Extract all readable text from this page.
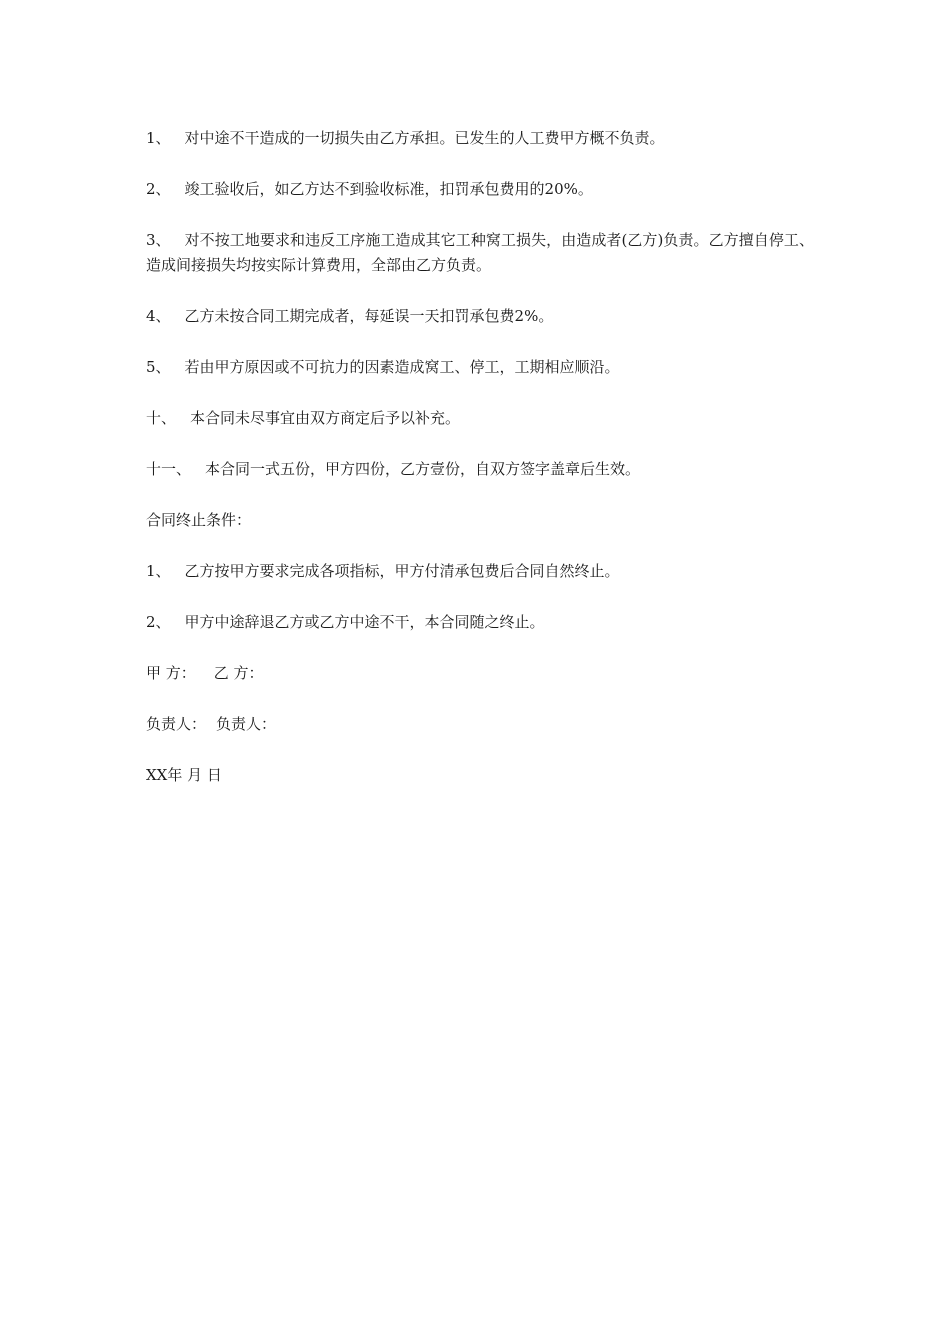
1、 对中途不干造成的一切损失由乙方承担。已发生的人工费甲方概不负责。

2、 竣工验收后，如乙方达不到验收标准，扣罚承包费用的20%。

3、 对不按工地要求和违反工序施工造成其它工种窝工损失，由造成者(乙方)负责。乙方擅自停工、造成间接损失均按实际计算费用，全部由乙方负责。

4、 乙方未按合同工期完成者，每延误一天扣罚承包费2%。

5、 若由甲方原因或不可抗力的因素造成窝工、停工，工期相应顺沿。

十、 本合同未尽事宜由双方商定后予以补充。

十一、 本合同一式五份，甲方四份，乙方壹份，自双方签字盖章后生效。

合同终止条件：

1、 乙方按甲方要求完成各项指标，甲方付清承包费后合同自然终止。

2、 甲方中途辞退乙方或乙方中途不干，本合同随之终止。

甲 方： 乙 方：

负责人： 负责人：

XX年 月 日
